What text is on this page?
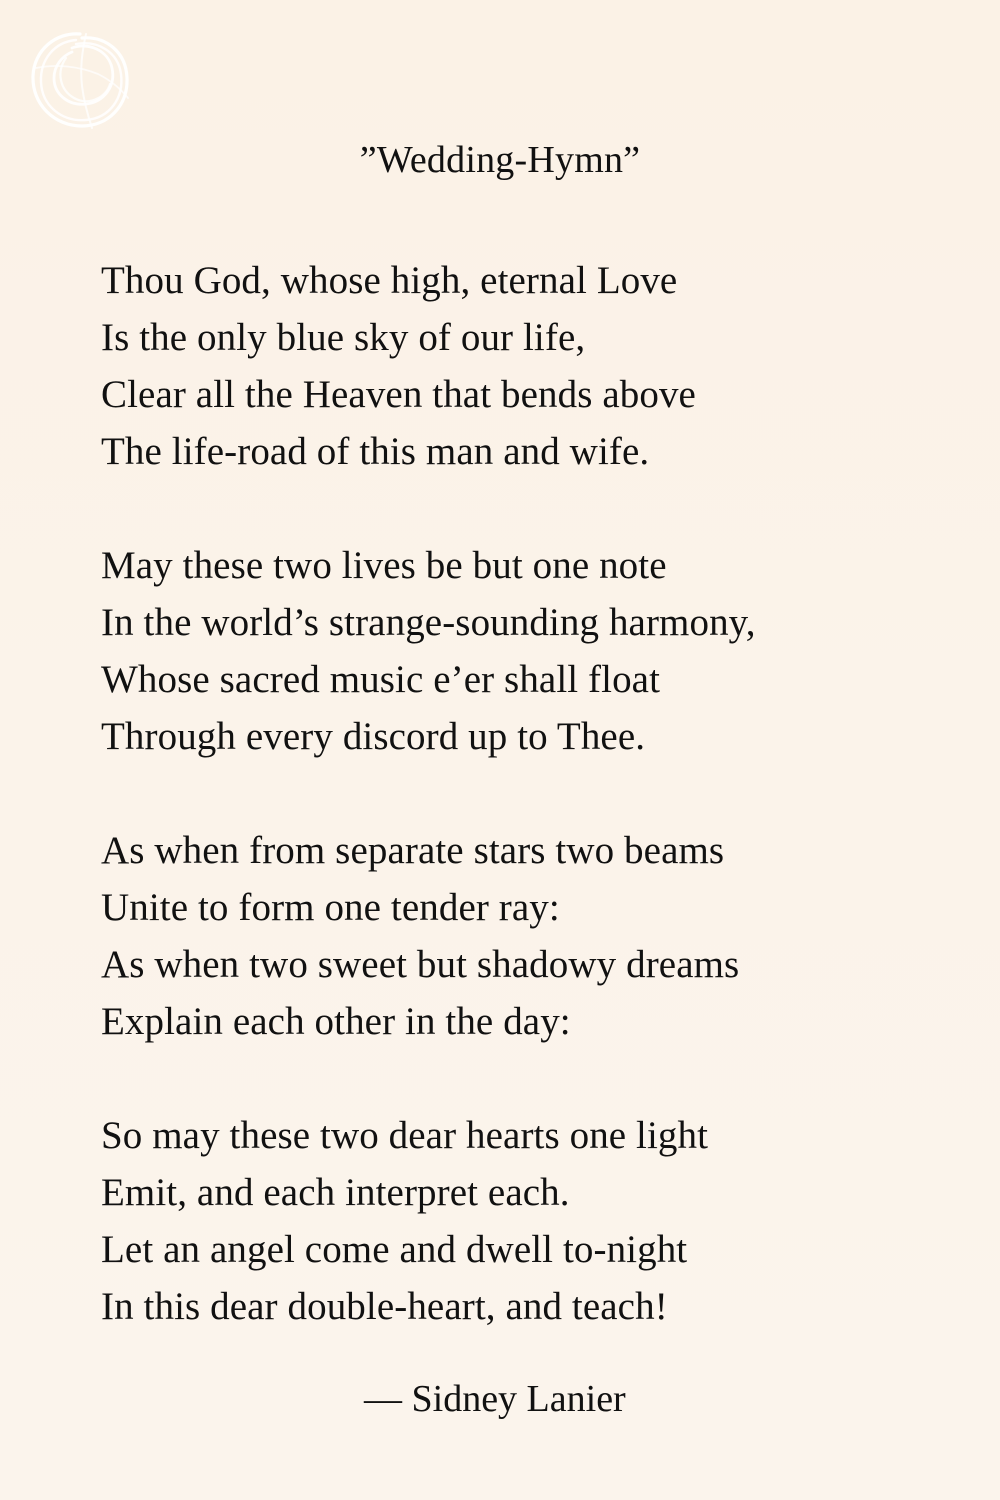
”Wedding-Hymn”
Thou God, whose high, eternal Love
Is the only blue sky of our life,
Clear all the Heaven that bends above
The life-road of this man and wife.
May these two lives be but one note
In the world’s strange-sounding harmony,
Whose sacred music e’er shall float
Through every discord up to Thee.
As when from separate stars two beams
Unite to form one tender ray:
As when two sweet but shadowy dreams
Explain each other in the day:
So may these two dear hearts one light
Emit, and each interpret each.
Let an angel come and dwell to-night
In this dear double-heart, and teach!
— Sidney Lanier
